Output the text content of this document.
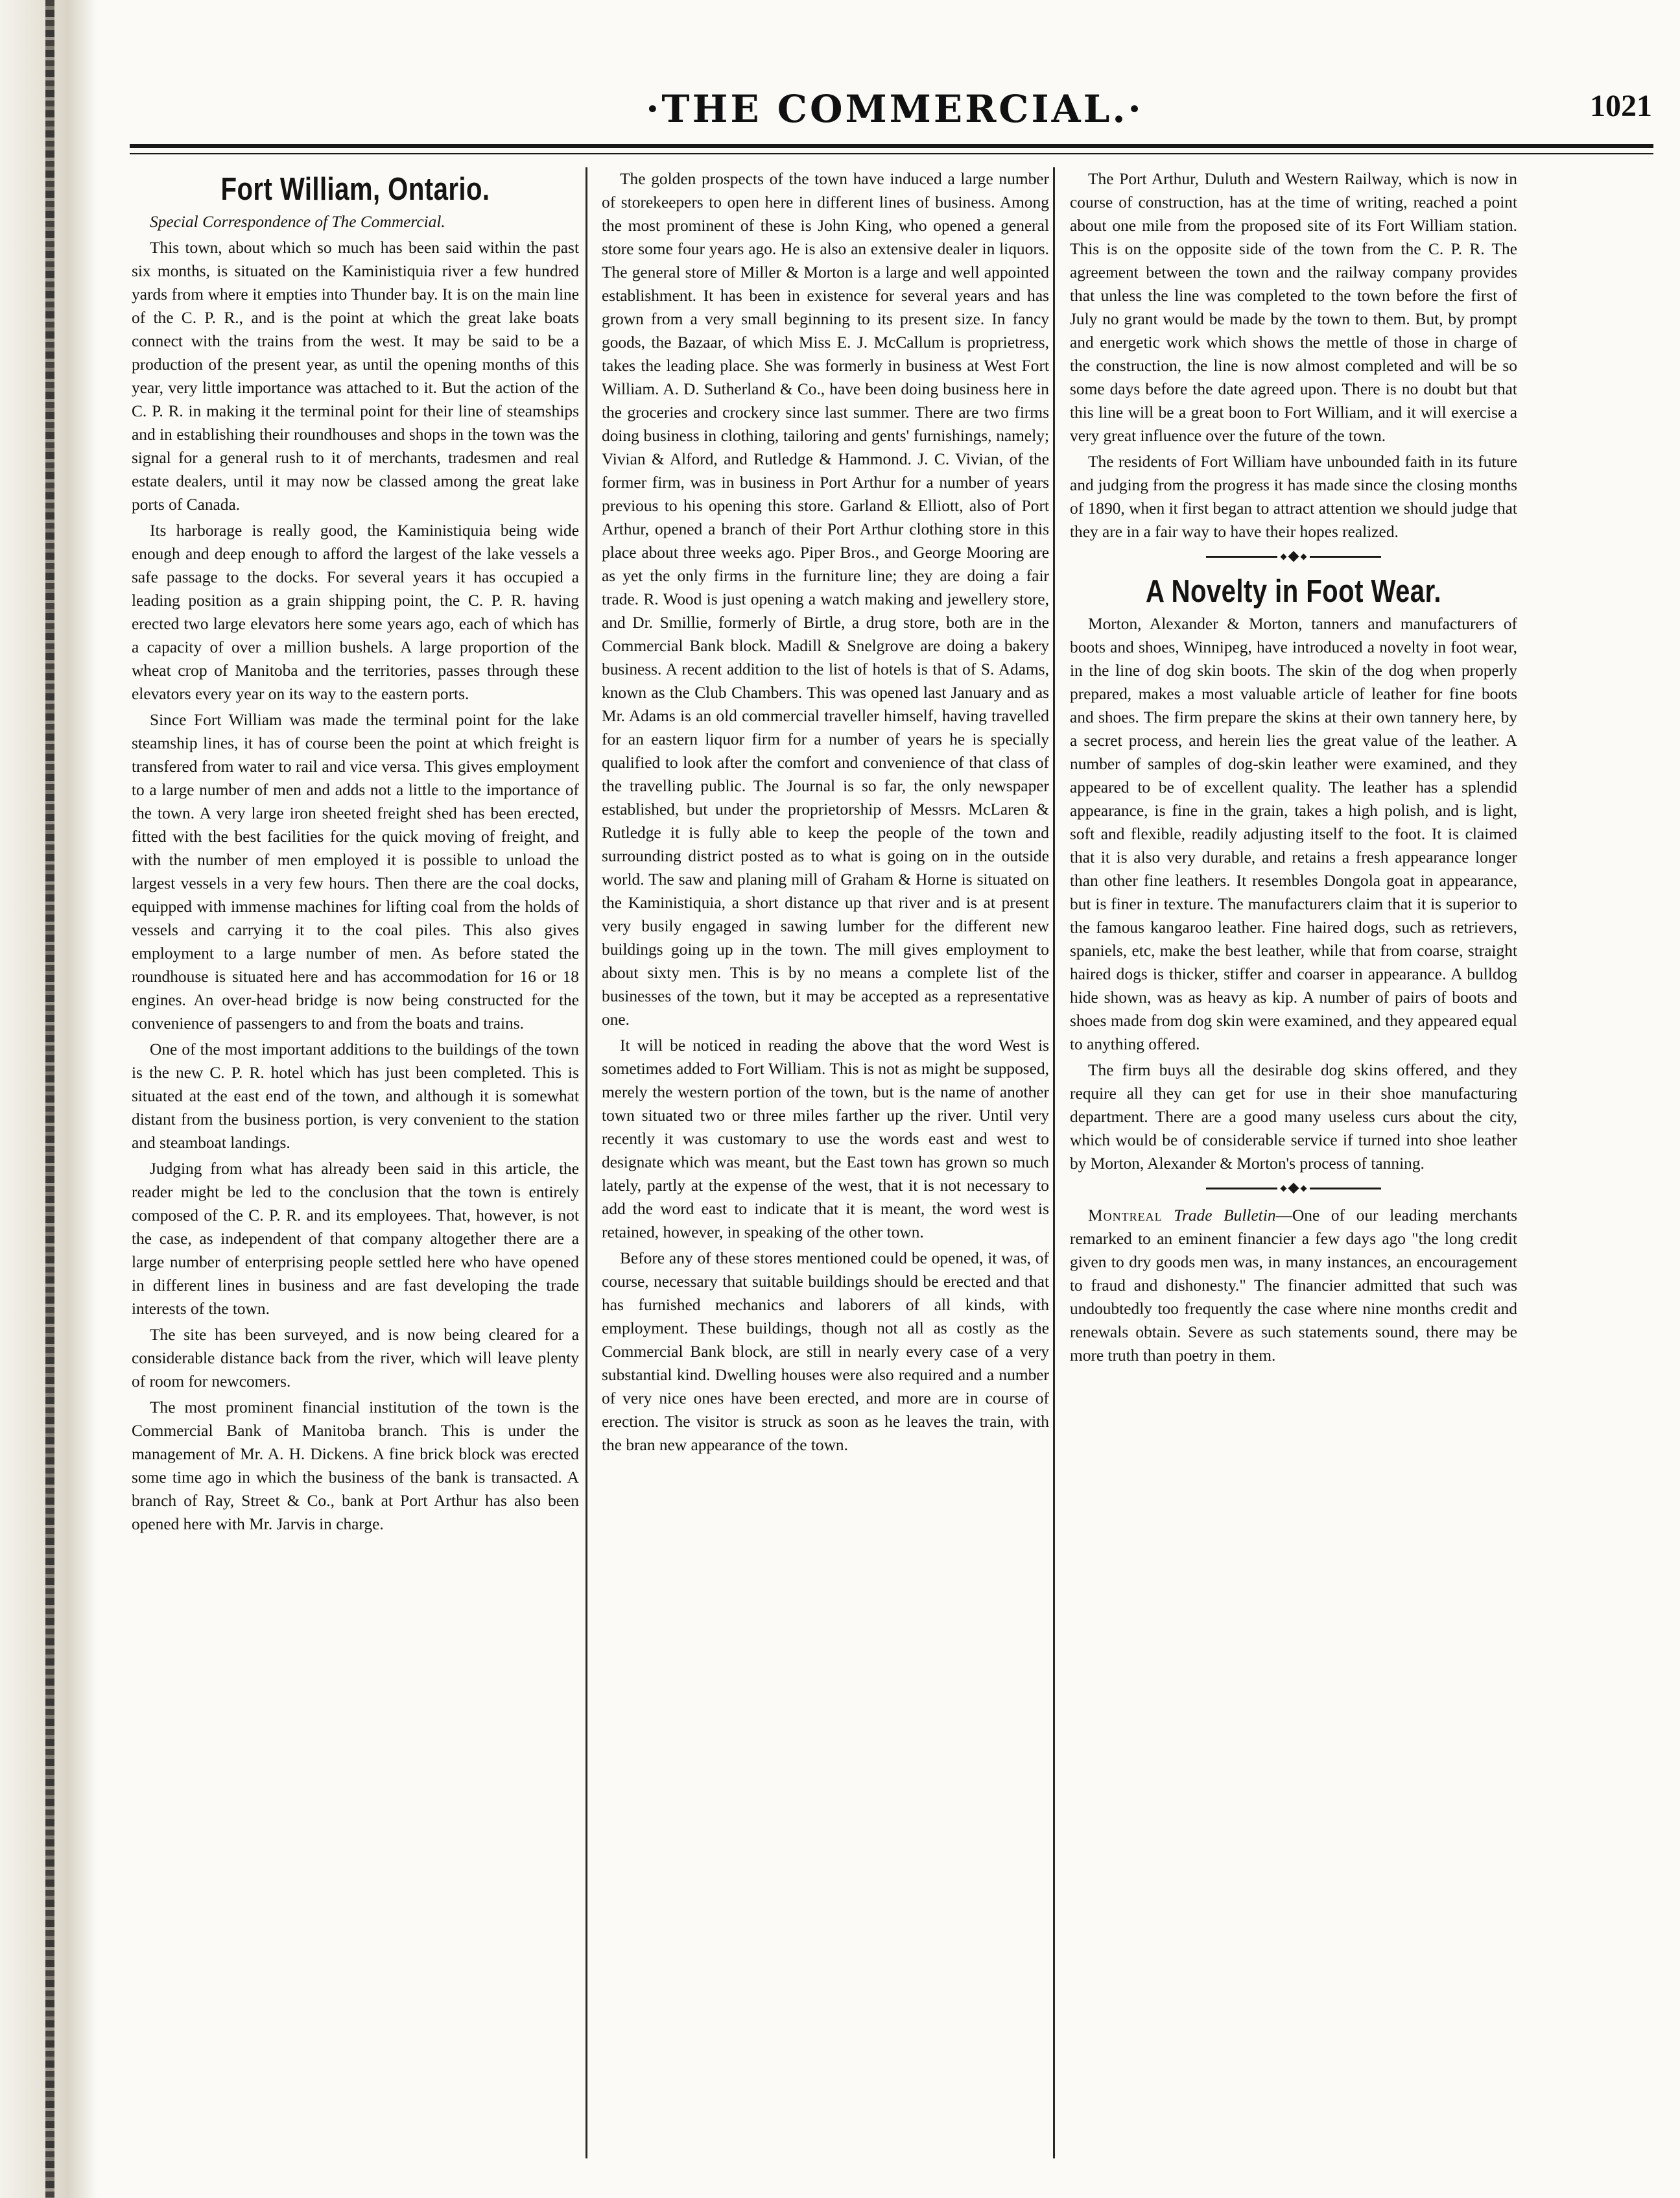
·THE COMMERCIAL.·	1021
Fort William, Ontario.

Special Correspondence of The Commercial.

This town, about which so much has been said within the past six months, is situated on the Kaministiquia river a few hundred yards from where it empties into Thunder bay. It is on the main line of the C. P. R., and is the point at which the great lake boats connect with the trains from the west. It may be said to be a production of the present year, as until the opening months of this year, very little importance was attached to it. But the action of the C. P. R. in making it the terminal point for their line of steamships and in establishing their roundhouses and shops in the town was the signal for a general rush to it of merchants, tradesmen and real estate dealers, until it may now be classed among the great lake ports of Canada.

Its harborage is really good, the Kaministiquia being wide enough and deep enough to afford the largest of the lake vessels a safe passage to the docks. For several years it has occupied a leading position as a grain shipping point, the C. P. R. having erected two large elevators here some years ago, each of which has a capacity of over a million bushels. A large proportion of the wheat crop of Manitoba and the territories, passes through these elevators every year on its way to the eastern ports.

Since Fort William was made the terminal point for the lake steamship lines, it has of course been the point at which freight is transfered from water to rail and vice versa. This gives employment to a large number of men and adds not a little to the importance of the town. A very large iron sheeted freight shed has been erected, fitted with the best facilities for the quick moving of freight, and with the number of men employed it is possible to unload the largest vessels in a very few hours. Then there are the coal docks, equipped with immense machines for lifting coal from the holds of vessels and carrying it to the coal piles. This also gives employment to a large number of men. As before stated the roundhouse is situated here and has accommodation for 16 or 18 engines. An over-head bridge is now being constructed for the convenience of passengers to and from the boats and trains.

One of the most important additions to the buildings of the town is the new C. P. R. hotel which has just been completed. This is situated at the east end of the town, and although it is somewhat distant from the business portion, is very convenient to the station and steamboat landings.

Judging from what has already been said in this article, the reader might be led to the conclusion that the town is entirely composed of the C. P. R. and its employees. That, however, is not the case, as independent of that company altogether there are a large number of enterprising people settled here who have opened in different lines in business and are fast developing the trade interests of the town.

The site has been surveyed, and is now being cleared for a considerable distance back from the river, which will leave plenty of room for newcomers.

The most prominent financial institution of the town is the Commercial Bank of Manitoba branch. This is under the management of Mr. A. H. Dickens. A fine brick block was erected some time ago in which the business of the bank is transacted. A branch of Ray, Street & Co., bank at Port Arthur has also been opened here with Mr. Jarvis in charge.

The golden prospects of the town have induced a large number of storekeepers to open here in different lines of business. Among the most prominent of these is John King, who opened a general store some four years ago. He is also an extensive dealer in liquors. The general store of Miller & Morton is a large and well appointed establishment. It has been in existence for several years and has grown from a very small beginning to its present size. In fancy goods, the Bazaar, of which Miss E. J. McCallum is proprietress, takes the leading place. She was formerly in business at West Fort William. A. D. Sutherland & Co., have been doing business here in the groceries and crockery since last summer. There are two firms doing business in clothing, tailoring and gents' furnishings, namely; Vivian & Alford, and Rutledge & Hammond. J. C. Vivian, of the former firm, was in business in Port Arthur for a number of years previous to his opening this store. Garland & Elliott, also of Port Arthur, opened a branch of their Port Arthur clothing store in this place about three weeks ago. Piper Bros., and George Mooring are as yet the only firms in the furniture line; they are doing a fair trade. R. Wood is just opening a watch making and jewellery store, and Dr. Smillie, formerly of Birtle, a drug store, both are in the Commercial Bank block. Madill & Snelgrove are doing a bakery business. A recent addition to the list of hotels is that of S. Adams, known as the Club Chambers. This was opened last January and as Mr. Adams is an old commercial traveller himself, having travelled for an eastern liquor firm for a number of years he is specially qualified to look after the comfort and convenience of that class of the travelling public. The Journal is so far, the only newspaper established, but under the proprietorship of Messrs. McLaren & Rutledge it is fully able to keep the people of the town and surrounding district posted as to what is going on in the outside world. The saw and planing mill of Graham & Horne is situated on the Kaministiquia, a short distance up that river and is at present very busily engaged in sawing lumber for the different new buildings going up in the town. The mill gives employment to about sixty men. This is by no means a complete list of the businesses of the town, but it may be accepted as a representative one.

It will be noticed in reading the above that the word West is sometimes added to Fort William. This is not as might be supposed, merely the western portion of the town, but is the name of another town situated two or three miles farther up the river. Until very recently it was customary to use the words east and west to designate which was meant, but the East town has grown so much lately, partly at the expense of the west, that it is not necessary to add the word east to indicate that it is meant, the word west is retained, however, in speaking of the other town.

Before any of these stores mentioned could be opened, it was, of course, necessary that suitable buildings should be erected and that has furnished mechanics and laborers of all kinds, with employment. These buildings, though not all as costly as the Commercial Bank block, are still in nearly every case of a very substantial kind. Dwelling houses were also required and a number of very nice ones have been erected, and more are in course of erection. The visitor is struck as soon as he leaves the train, with the bran new appearance of the town.

The Port Arthur, Duluth and Western Railway, which is now in course of construction, has at the time of writing, reached a point about one mile from the proposed site of its Fort William station. This is on the opposite side of the town from the C. P. R. The agreement between the town and the railway company provides that unless the line was completed to the town before the first of July no grant would be made by the town to them. But, by prompt and energetic work which shows the mettle of those in charge of the construction, the line is now almost completed and will be so some days before the date agreed upon. There is no doubt but that this line will be a great boon to Fort William, and it will exercise a very great influence over the future of the town.

The residents of Fort William have unbounded faith in its future and judging from the progress it has made since the closing months of 1890, when it first began to attract attention we should judge that they are in a fair way to have their hopes realized.

A Novelty in Foot Wear.

Morton, Alexander & Morton, tanners and manufacturers of boots and shoes, Winnipeg, have introduced a novelty in foot wear, in the line of dog skin boots. The skin of the dog when properly prepared, makes a most valuable article of leather for fine boots and shoes. The firm prepare the skins at their own tannery here, by a secret process, and herein lies the great value of the leather. A number of samples of dog-skin leather were examined, and they appeared to be of excellent quality. The leather has a splendid appearance, is fine in the grain, takes a high polish, and is light, soft and flexible, readily adjusting itself to the foot. It is claimed that it is also very durable, and retains a fresh appearance longer than other fine leathers. It resembles Dongola goat in appearance, but is finer in texture. The manufacturers claim that it is superior to the famous kangaroo leather. Fine haired dogs, such as retrievers, spaniels, etc, make the best leather, while that from coarse, straight haired dogs is thicker, stiffer and coarser in appearance. A bulldog hide shown, was as heavy as kip. A number of pairs of boots and shoes made from dog skin were examined, and they appeared equal to anything offered.

The firm buys all the desirable dog skins offered, and they require all they can get for use in their shoe manufacturing department. There are a good many useless curs about the city, which would be of considerable service if turned into shoe leather by Morton, Alexander & Morton's process of tanning.

Montreal Trade Bulletin—One of our leading merchants remarked to an eminent financier a few days ago "the long credit given to dry goods men was, in many instances, an encouragement to fraud and dishonesty." The financier admitted that such was undoubtedly too frequently the case where nine months credit and renewals obtain. Severe as such statements sound, there may be more truth than poetry in them.
